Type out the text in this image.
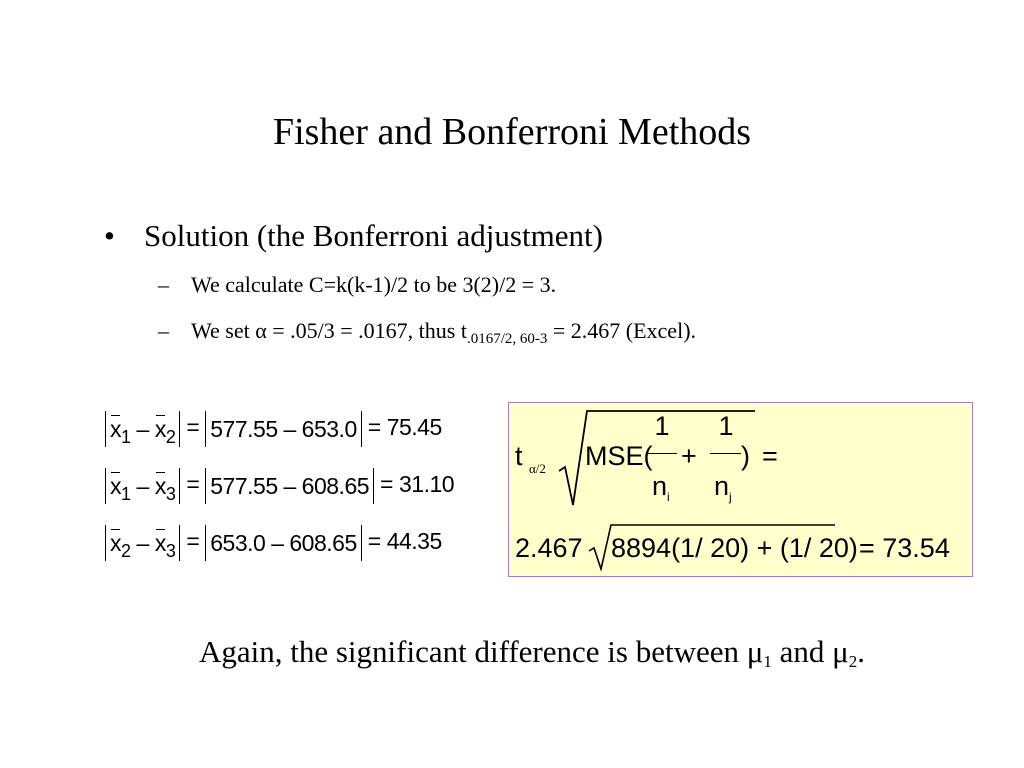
Fisher and Bonferroni Methods
• Solution (the Bonferroni adjustment)
– We calculate C=k(k-1)/2 to be 3(2)/2 = 3.
– We set α = .05/3 = .0167, thus $t_{.0167/2, 60-3} = 2.467$ (Excel).
$x_1 - x_2 = 577.55 - 653.0 = 75.45$
$x_1 - x_3 = 577.55 - 608.65 = 31.10$
$x_2 - x_3 = 653.0 - 608.65 = 44.35$
t α/2 MSE(
1
+
1
) =
$n_i$ $n_j$
2.467 8894(1/ 20) + (1/ 20) = 73.54
Again, the significant difference is between $\mu_1$ and $\mu_2$.
